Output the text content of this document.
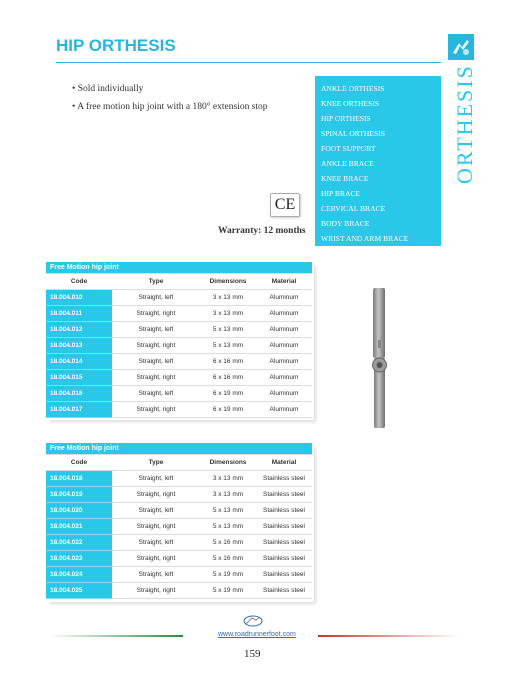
HIP ORTHESIS
• Sold individually
• A free motion hip joint with a 180° extension stop
CE
Warranty: 12 months
ANKLE ORTHESIS
KNEE ORTHESIS
HIP ORTHESIS
SPINAL ORTHESIS
FOOT SUPPORT
ANKLE BRACE
KNEE BRACE
HIP BRACE
CERVICAL BRACE
BODY BRACE
WRIST AND ARM BRACE
ORTHESIS
Free Motion hip joint			
Code	Type	Dimensions	Material
18.004.010	Straight, left	3 x 13 mm	Aluminum
18.004.011	Straight, right	3 x 13 mm	Aluminum
18.004.012	Straight, left	5 x 13 mm	Aluminum
18.004.013	Straight, right	5 x 13 mm	Aluminum
18.004.014	Straight, left	6 x 16 mm	Aluminum
18.004.015	Straight, right	6 x 16 mm	Aluminum
18.004.016	Straight, left	6 x 19 mm	Aluminum
18.004.017	Straight, right	6 x 19 mm	Aluminum
Free Motion hip joint			
Code	Type	Dimensions	Material
18.004.018	Straight, left	3 x 13 mm	Stainless steel
18.004.019	Straight, right	3 x 13 mm	Stainless steel
18.004.020	Straight, left	5 x 13 mm	Stainless steel
18.004.021	Straight, right	5 x 13 mm	Stainless steel
18.004.022	Straight, left	5 x 16 mm	Stainless steel
18.004.023	Straight, right	5 x 16 mm	Stainless steel
18.004.024	Straight, left	5 x 19 mm	Stainless steel
18.004.025	Straight, right	5 x 19 mm	Stainless steel
www.roadrunnerfoot.com
159
